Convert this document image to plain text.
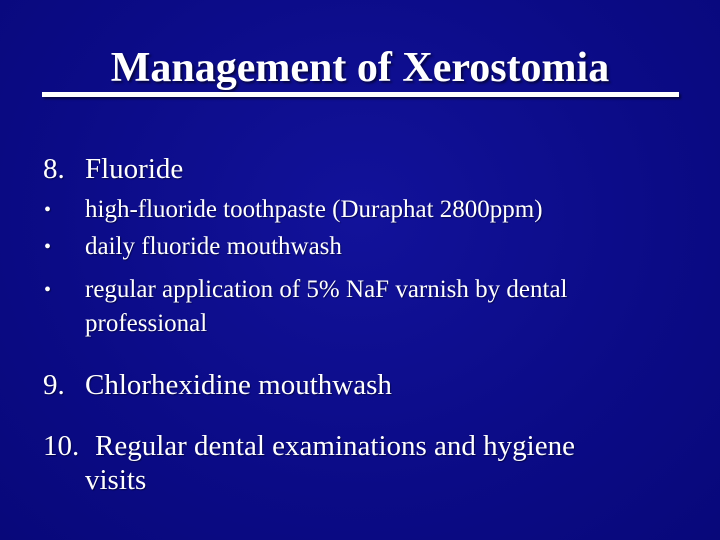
Management of Xerostomia
8. Fluoride
• high-fluoride toothpaste (Duraphat 2800ppm)
• daily fluoride mouthwash
• regular application of 5% NaF varnish by dental
professional
9. Chlorhexidine mouthwash
10. Regular dental examinations and hygiene
visits
